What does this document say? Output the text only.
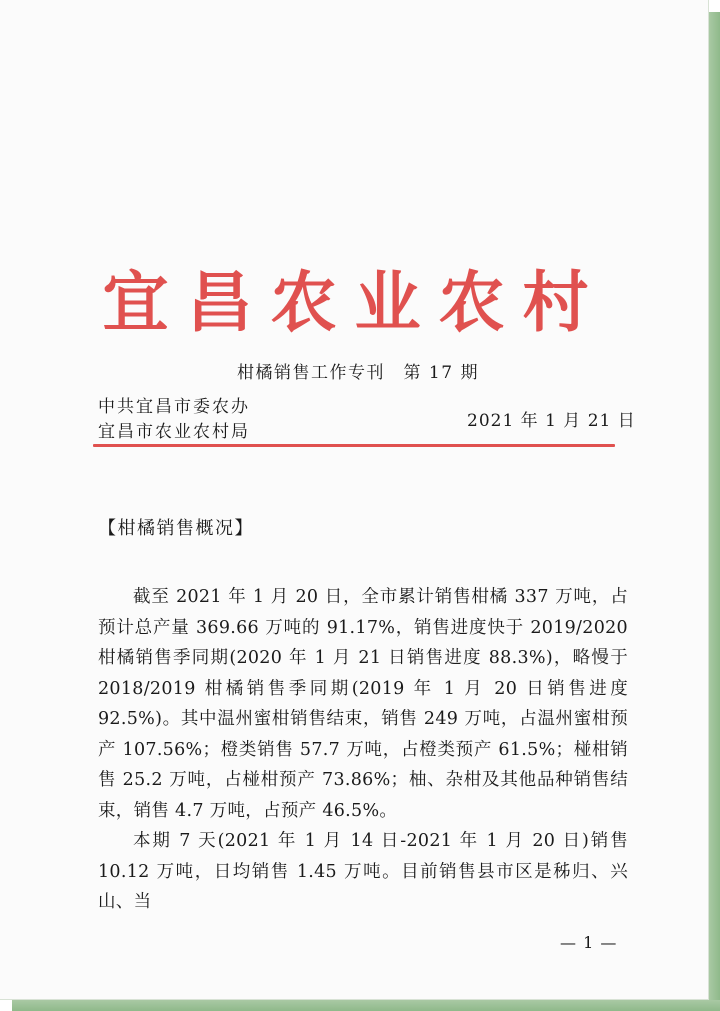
宜昌农业农村
柑橘销售工作专刊　第 17 期
中共宜昌市委农办
宜昌市农业农村局
2021 年 1 月 21 日
【柑橘销售概况】

截至 2021 年 1 月 20 日，全市累计销售柑橘 337 万吨，占预计总产量 369.66 万吨的 91.17%，销售进度快于 2019/2020 柑橘销售季同期(2020 年 1 月 21 日销售进度 88.3%)，略慢于 2018/2019 柑橘销售季同期(2019 年 1 月 20 日销售进度 92.5%)。其中温州蜜柑销售结束，销售 249 万吨，占温州蜜柑预产 107.56%；橙类销售 57.7 万吨，占橙类预产 61.5%；椪柑销售 25.2 万吨，占椪柑预产 73.86%；柚、杂柑及其他品种销售结束，销售 4.7 万吨，占预产 46.5%。

本期 7 天(2021 年 1 月 14 日-2021 年 1 月 20 日)销售 10.12 万吨，日均销售 1.45 万吨。目前销售县市区是秭归、兴山、当

— 1 —
